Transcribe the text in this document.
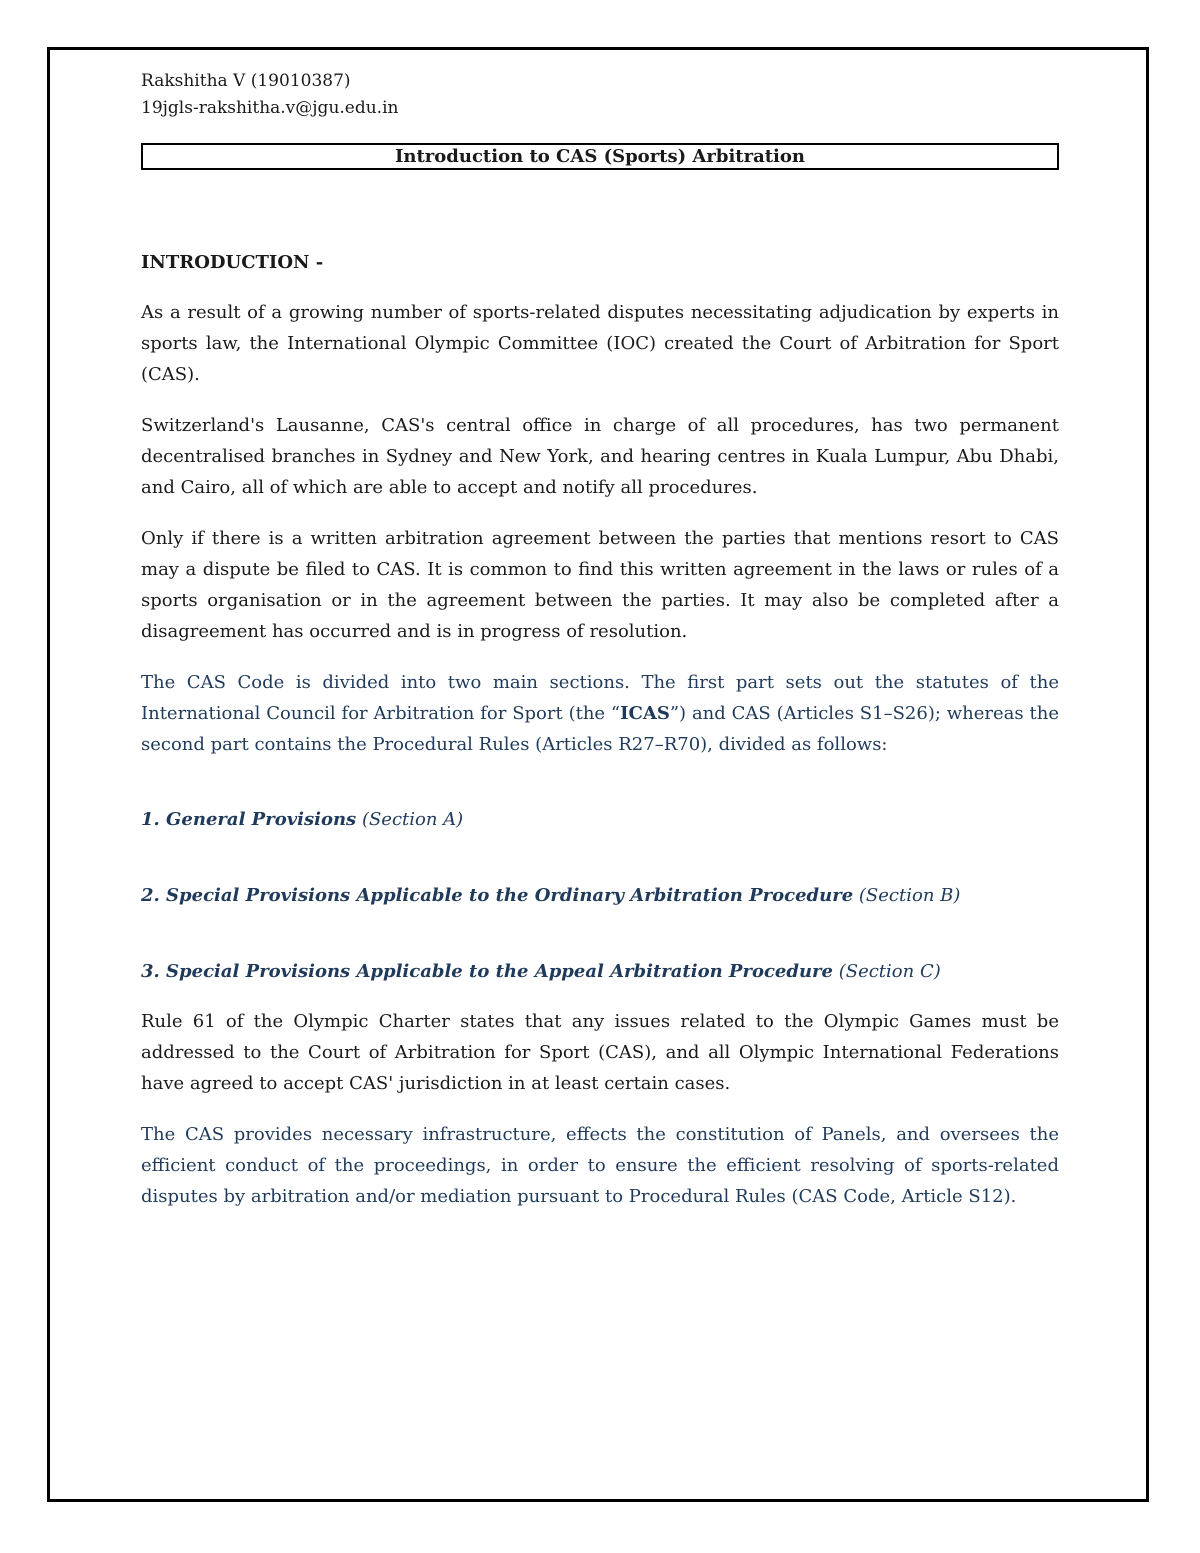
Rakshitha V (19010387)
19jgls-rakshitha.v@jgu.edu.in
Introduction to CAS (Sports) Arbitration
INTRODUCTION -

As a result of a growing number of sports-related disputes necessitating adjudication by experts in sports law, the International Olympic Committee (IOC) created the Court of Arbitration for Sport (CAS).

Switzerland's Lausanne, CAS's central office in charge of all procedures, has two permanent decentralised branches in Sydney and New York, and hearing centres in Kuala Lumpur, Abu Dhabi, and Cairo, all of which are able to accept and notify all procedures.

Only if there is a written arbitration agreement between the parties that mentions resort to CAS may a dispute be filed to CAS. It is common to find this written agreement in the laws or rules of a sports organisation or in the agreement between the parties. It may also be completed after a disagreement has occurred and is in progress of resolution.

The CAS Code is divided into two main sections. The first part sets out the statutes of the International Council for Arbitration for Sport (the “ICAS”) and CAS (Articles S1–S26); whereas the second part contains the Procedural Rules (Articles R27–R70), divided as follows:

1. General Provisions (Section A)
2. Special Provisions Applicable to the Ordinary Arbitration Procedure (Section B)
3. Special Provisions Applicable to the Appeal Arbitration Procedure (Section C)

Rule 61 of the Olympic Charter states that any issues related to the Olympic Games must be addressed to the Court of Arbitration for Sport (CAS), and all Olympic International Federations have agreed to accept CAS' jurisdiction in at least certain cases.

The CAS provides necessary infrastructure, effects the constitution of Panels, and oversees the efficient conduct of the proceedings, in order to ensure the efficient resolving of sports-related disputes by arbitration and/or mediation pursuant to Procedural Rules (CAS Code, Article S12).
